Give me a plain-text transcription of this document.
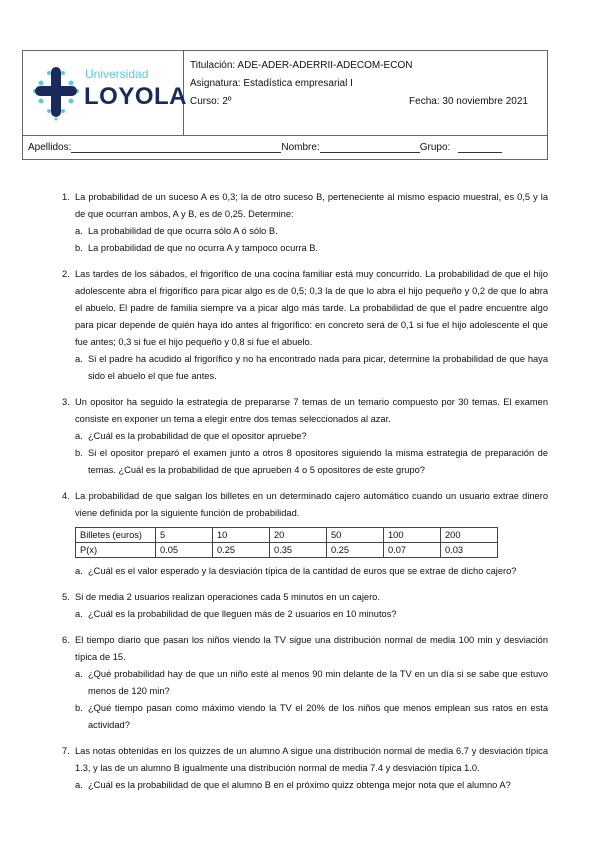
Universidad
LOYOLA
Titulación: ADE-ADER-ADERRII-ADECOM-ECON
Asignatura: Estadística empresarial I
Curso: 2º	Fecha: 30 noviembre 2021
Apellidos:	Nombre:	Grupo:
1. La probabilidad de un suceso A es 0,3; la de otro suceso B, perteneciente al mismo espacio muestral, es 0,5 y la de que ocurran ambos, A y B, es de 0,25. Determine:

a. La probabilidad de que ocurra sólo A ó sólo B.
b. La probabilidad de que no ocurra A y tampoco ocurra B.
2. Las tardes de los sábados, el frigorífico de una cocina familiar está muy concurrido. La probabilidad de que el hijo adolescente abra el frigorífico para picar algo es de 0,5; 0,3 la de que lo abra el hijo pequeño y 0,2 de que lo abra el abuelo. El padre de familia siempre va a picar algo más tarde. La probabilidad de que el padre encuentre algo para picar depende de quién haya ido antes al frigorífico: en concreto será de 0,1 si fue el hijo adolescente el que fue antes; 0,3 si fue el hijo pequeño y 0,8 si fue el abuelo.

a. Si el padre ha acudido al frigorífico y no ha encontrado nada para picar, determine la probabilidad de que haya sido el abuelo el que fue antes.
3. Un opositor ha seguido la estrategia de prepararse 7 temas de un temario compuesto por 30 temas. El examen consiste en exponer un tema a elegir entre dos temas seleccionados al azar.

a. ¿Cuál es la probabilidad de que el opositor apruebe?
b. Si el opositor preparó el examen junto a otros 8 opositores siguiendo la misma estrategia de preparación de temas. ¿Cuál es la probabilidad de que aprueben 4 o 5 opositores de este grupo?
4. La probabilidad de que salgan los billetes en un determinado cajero automático cuando un usuario extrae dinero viene definida por la siguiente función de probabilidad.

Billetes (euros)	5	10	20	50	100	200
P(x)	0.05	0.25	0.35	0.25	0.07	0.03
a. ¿Cuál es el valor esperado y la desviación típica de la cantidad de euros que se extrae de dicho cajero?
5. Si de media 2 usuarios realizan operaciones cada 5 minutos en un cajero.

a. ¿Cuál es la probabilidad de que lleguen más de 2 usuarios en 10 minutos?
6. El tiempo diario que pasan los niños viendo la TV sigue una distribución normal de media 100 min y desviación típica de 15.

a. ¿Qué probabilidad hay de que un niño esté al menos 90 min delante de la TV en un día si se sabe que estuvo menos de 120 min?
b. ¿Qué tiempo pasan como máximo viendo la TV el 20% de los niños que menos emplean sus ratos en esta actividad?
7. Las notas obtenidas en los quizzes de un alumno A sigue una distribución normal de media 6.7 y desviación típica 1.3, y las de un alumno B igualmente una distribución normal de media 7.4 y desviación típica 1.0.

a. ¿Cuál es la probabilidad de que el alumno B en el próximo quizz obtenga mejor nota que el alumno A?
